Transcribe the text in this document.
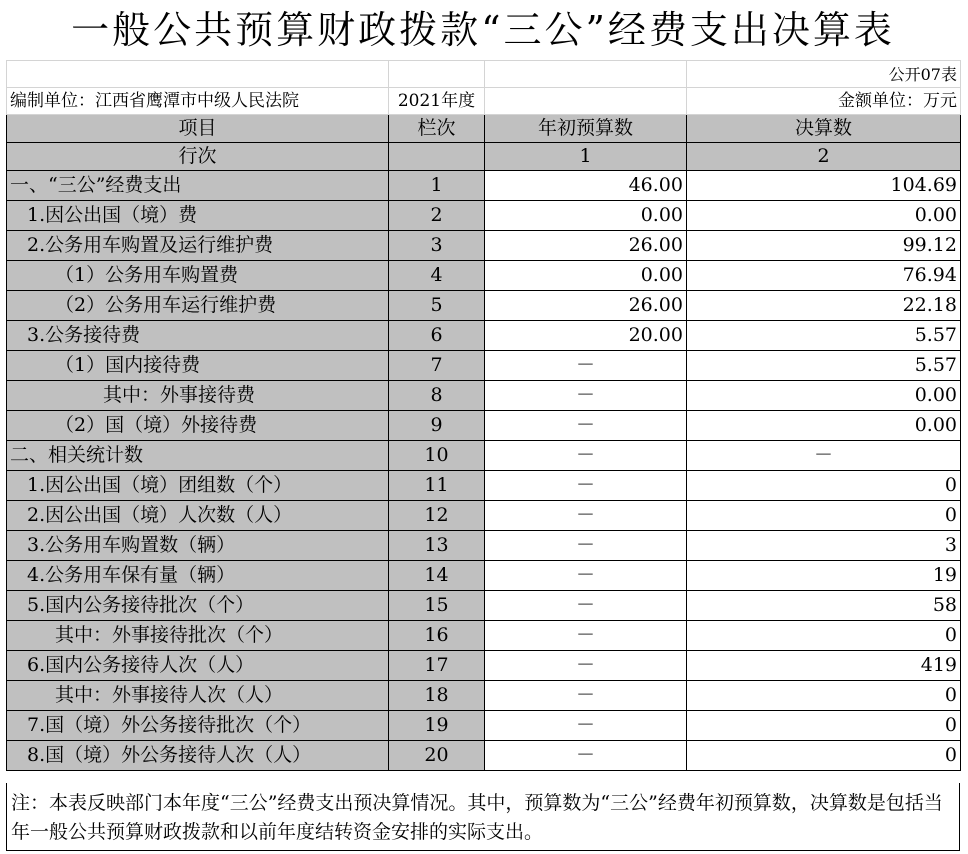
一般公共预算财政拨款“三公”经费支出决算表
			公开07表
编制单位：江西省鹰潭市中级人民法院	2021年度		金额单位：万元
项目	栏次	年初预算数	决算数
行次		1	2
一、“三公”经费支出	1	46.00	104.69
1.因公出国（境）费	2	0.00	0.00
2.公务用车购置及运行维护费	3	26.00	99.12
（1）公务用车购置费	4	0.00	76.94
（2）公务用车运行维护费	5	26.00	22.18
3.公务接待费	6	20.00	5.57
（1）国内接待费	7	－	5.57
其中：外事接待费	8	－	0.00
（2）国（境）外接待费	9	－	0.00
二、相关统计数	10	－	－
1.因公出国（境）团组数（个）	11	－	0
2.因公出国（境）人次数（人）	12	－	0
3.公务用车购置数（辆）	13	－	3
4.公务用车保有量（辆）	14	－	19
5.国内公务接待批次（个）	15	－	58
其中：外事接待批次（个）	16	－	0
6.国内公务接待人次（人）	17	－	419
其中：外事接待人次（人）	18	－	0
7.国（境）外公务接待批次（个）	19	－	0
8.国（境）外公务接待人次（人）	20	－	0

注：本表反映部门本年度“三公”经费支出预决算情况。其中，预算数为“三公”经费年初预算数，决算数是包括当年一般公共预算财政拨款和以前年度结转资金安排的实际支出。
